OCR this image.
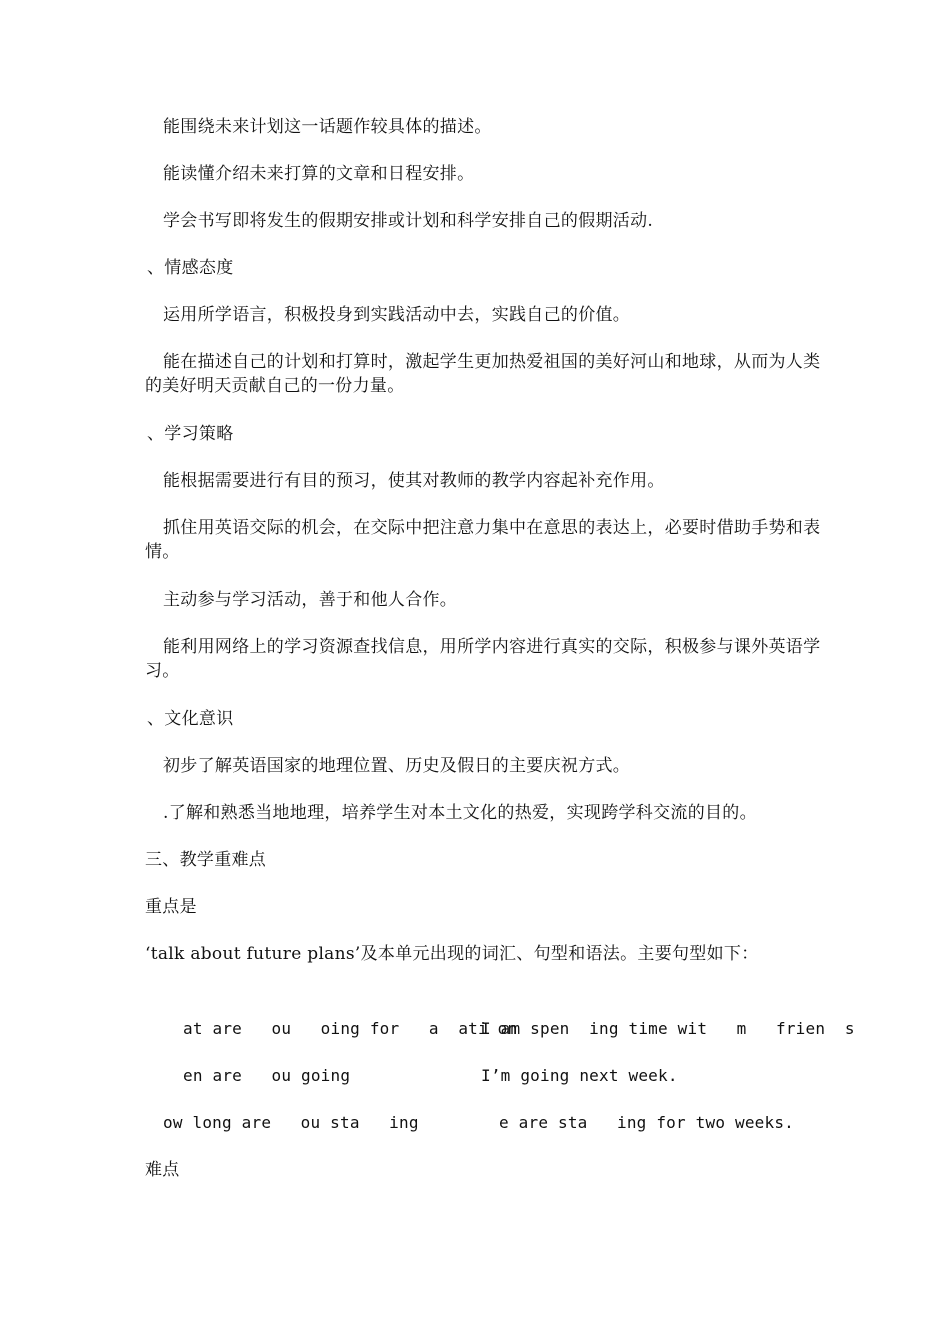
能围绕未来计划这一话题作较具体的描述。
能读懂介绍未来打算的文章和日程安排。
学会书写即将发生的假期安排或计划和科学安排自己的假期活动.
、情感态度
运用所学语言，积极投身到实践活动中去，实践自己的价值。
能在描述自己的计划和打算时，激起学生更加热爱祖国的美好河山和地球，从而为人类的美好明天贡献自己的一份力量。
、学习策略
能根据需要进行有目的预习，使其对教师的教学内容起补充作用。
抓住用英语交际的机会，在交际中把注意力集中在意思的表达上，必要时借助手势和表情。
主动参与学习活动，善于和他人合作。
能利用网络上的学习资源查找信息，用所学内容进行真实的交际，积极参与课外英语学习。
、文化意识
初步了解英语国家的地理位置、历史及假日的主要庆祝方式。
.了解和熟悉当地地理，培养学生对本土文化的热爱，实现跨学科交流的目的。
三、教学重难点
重点是
‘talk about future plans’及本单元出现的词汇、句型和语法。主要句型如下：
at are   ou   oing for   a  ati on
I am spen  ing time wit   m   frien  s
en are   ou going	I’m going next week.
ow long are   ou sta   ing	e are sta   ing for two weeks.
难点
